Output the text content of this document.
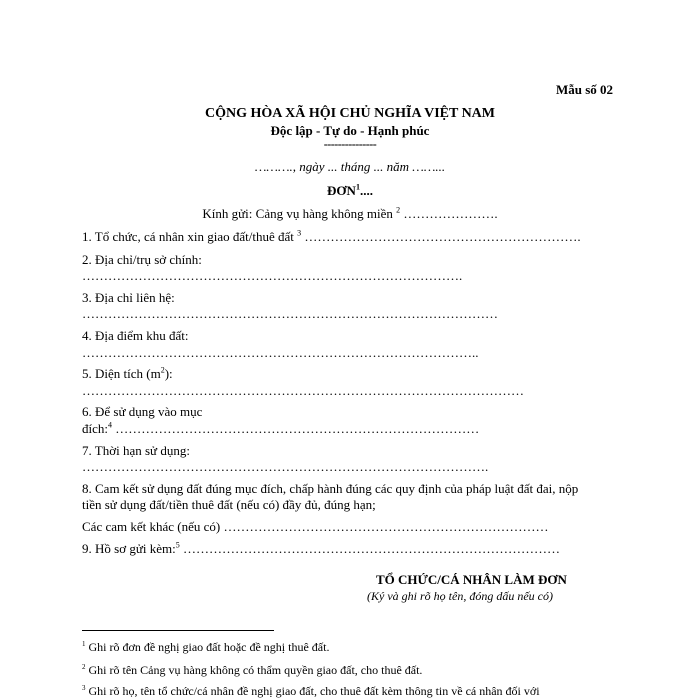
Mẫu số 02
CỘNG HÒA XÃ HỘI CHỦ NGHĨA VIỆT NAM
Độc lập - Tự do - Hạnh phúc
---------------
………., ngày ... tháng ... năm ……...
ĐƠN$^1$....
Kính gửi: Cảng vụ hàng không miền $^2$ ………………….
1. Tổ chức, cá nhân xin giao đất/thuê đất $^3$ ……………………………………………………….
2. Địa chỉ/trụ sở chính:
…………………………………………………………………………….
3. Địa chỉ liên hệ:
……………………………………………………………………………………
4. Địa điểm khu đất:
………………………………………………………………………………..
5. Diện tích $(m^2)$:
…………………………………………………………………………………………
6. Để sử dụng vào mục
đích:$^4$ …………………………………………………………………………
7. Thời hạn sử dụng:
………………………………………………………………………………….
8. Cam kết sử dụng đất đúng mục đích, chấp hành đúng các quy định của pháp luật đất đai, nộp
tiền sử dụng đất/tiền thuê đất (nếu có) đầy đủ, đúng hạn;
Các cam kết khác (nếu có) …………………………………………………………………
9. Hồ sơ gửi kèm:$^5$ ……………………………………………………………………………
TỔ CHỨC/CÁ NHÂN LÀM ĐƠN
(Ký và ghi rõ họ tên, đóng dấu nếu có)
$^1$ Ghi rõ đơn đề nghị giao đất hoặc đề nghị thuê đất.
$^2$ Ghi rõ tên Cảng vụ hàng không có thẩm quyền giao đất, cho thuê đất.
$^3$ Ghi rõ họ, tên tổ chức/cá nhân đề nghị giao đất, cho thuê đất kèm thông tin về cá nhân đối với
